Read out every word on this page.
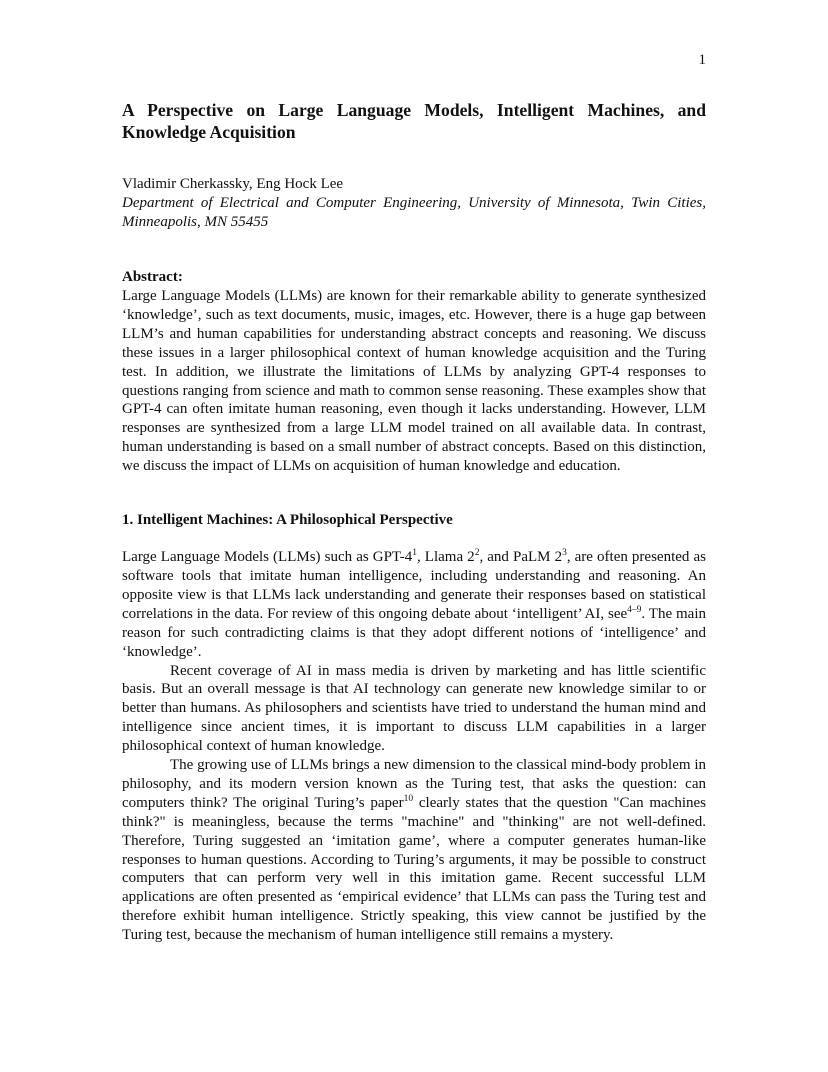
1
A Perspective on Large Language Models, Intelligent Machines, and Knowledge Acquisition

Vladimir Cherkassky, Eng Hock Lee

Department of Electrical and Computer Engineering, University of Minnesota, Twin Cities, Minneapolis, MN 55455

Abstract:

Large Language Models (LLMs) are known for their remarkable ability to generate synthesized ‘knowledge’, such as text documents, music, images, etc. However, there is a huge gap between LLM’s and human capabilities for understanding abstract concepts and reasoning. We discuss these issues in a larger philosophical context of human knowledge acquisition and the Turing test. In addition, we illustrate the limitations of LLMs by analyzing GPT-4 responses to questions ranging from science and math to common sense reasoning. These examples show that GPT-4 can often imitate human reasoning, even though it lacks understanding. However, LLM responses are synthesized from a large LLM model trained on all available data. In contrast, human understanding is based on a small number of abstract concepts. Based on this distinction, we discuss the impact of LLMs on acquisition of human knowledge and education.

1. Intelligent Machines: A Philosophical Perspective

Large Language Models (LLMs) such as GPT-$4^1$, Llama $2^2$, and PaLM $2^3$, are often presented as software tools that imitate human intelligence, including understanding and reasoning. An opposite view is that LLMs lack understanding and generate their responses based on statistical correlations in the data. For review of this ongoing debate about ‘intelligent’ AI, see$^{4-9}$. The main reason for such contradicting claims is that they adopt different notions of ‘intelligence’ and ‘knowledge’.

Recent coverage of AI in mass media is driven by marketing and has little scientific basis. But an overall message is that AI technology can generate new knowledge similar to or better than humans. As philosophers and scientists have tried to understand the human mind and intelligence since ancient times, it is important to discuss LLM capabilities in a larger philosophical context of human knowledge.

The growing use of LLMs brings a new dimension to the classical mind-body problem in philosophy, and its modern version known as the Turing test, that asks the question: can computers think? The original Turing’s paper$^{10}$ clearly states that the question "Can machines think?" is meaningless, because the terms "machine" and "thinking" are not well-defined. Therefore, Turing suggested an ‘imitation game’, where a computer generates human-like responses to human questions. According to Turing’s arguments, it may be possible to construct computers that can perform very well in this imitation game. Recent successful LLM applications are often presented as ‘empirical evidence’ that LLMs can pass the Turing test and therefore exhibit human intelligence. Strictly speaking, this view cannot be justified by the Turing test, because the mechanism of human intelligence still remains a mystery.
